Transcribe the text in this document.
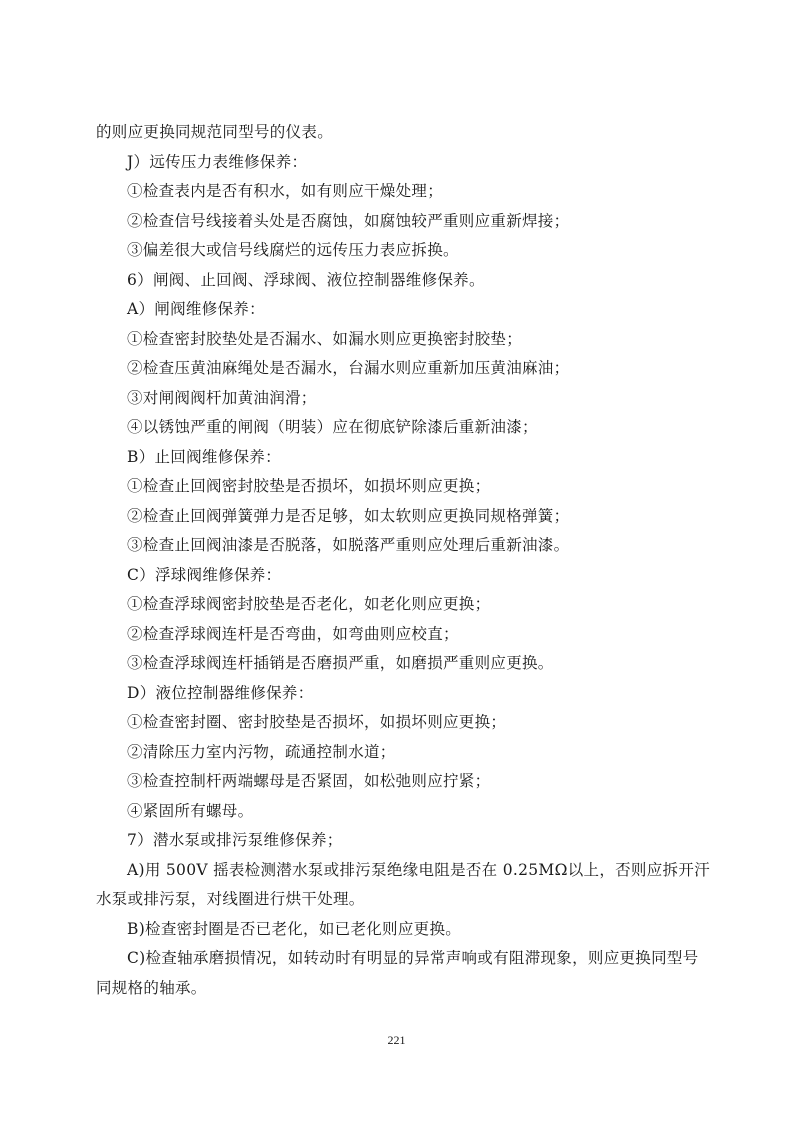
的则应更换同规范同型号的仪表。
J）远传压力表维修保养：
①检查表内是否有积水，如有则应干燥处理；
②检查信号线接着头处是否腐蚀，如腐蚀较严重则应重新焊接；
③偏差很大或信号线腐烂的远传压力表应拆换。
6）闸阀、止回阀、浮球阀、液位控制器维修保养。
A）闸阀维修保养：
①检查密封胶垫处是否漏水、如漏水则应更换密封胶垫；
②检查压黄油麻绳处是否漏水，台漏水则应重新加压黄油麻油；
③对闸阀阀杆加黄油润滑；
④以锈蚀严重的闸阀（明装）应在彻底铲除漆后重新油漆；
B）止回阀维修保养：
①检查止回阀密封胶垫是否损坏，如损坏则应更换；
②检查止回阀弹簧弹力是否足够，如太软则应更换同规格弹簧；
③检查止回阀油漆是否脱落，如脱落严重则应处理后重新油漆。
C）浮球阀维修保养：
①检查浮球阀密封胶垫是否老化，如老化则应更换；
②检查浮球阀连杆是否弯曲，如弯曲则应校直；
③检查浮球阀连杆插销是否磨损严重，如磨损严重则应更换。
D）液位控制器维修保养：
①检查密封圈、密封胶垫是否损坏，如损坏则应更换；
②清除压力室内污物，疏通控制水道；
③检查控制杆两端螺母是否紧固，如松弛则应拧紧；
④紧固所有螺母。
7）潜水泵或排污泵维修保养；
A)用 500V 摇表检测潜水泵或排污泵绝缘电阻是否在 0.25MΩ以上，否则应拆开汗
水泵或排污泵，对线圈进行烘干处理。
B)检查密封圈是否已老化，如已老化则应更换。
C)检查轴承磨损情况，如转动时有明显的异常声响或有阻滞现象，则应更换同型号
同规格的轴承。
221
